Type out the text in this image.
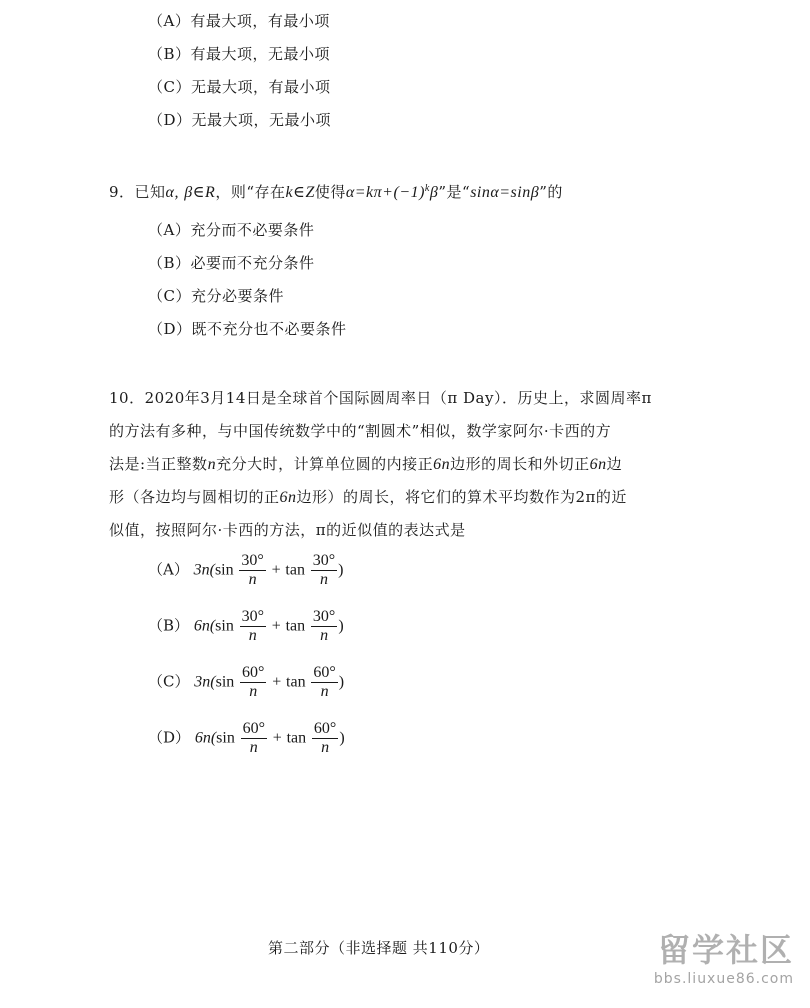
（A）有最大项，有最小项
（B）有最大项，无最小项
（C）无最大项，有最小项
（D）无最大项，无最小项
9．已知α, β∈R，则“存在k∈Z使得$\alpha=k\pi+(-1)^k\beta$”是“sinα=sinβ”的
（A）充分而不必要条件
（B）必要而不充分条件
（C）充分必要条件
（D）既不充分也不必要条件
10．2020年3月14日是全球首个国际圆周率日（π Day）．历史上，求圆周率π
的方法有多种，与中国传统数学中的“割圆术”相似，数学家阿尔·卡西的方
法是:当正整数n充分大时，计算单位圆的内接正6n边形的周长和外切正6n边
形（各边均与圆相切的正6n边形）的周长，将它们的算术平均数作为2π的近
似值，按照阿尔·卡西的方法，π的近似值的表达式是
（A） $3n(\sin \frac{30^\circ}{n} + \tan \frac{30^\circ}{n}$ )
（B） $6n(\sin \frac{30^\circ}{n} + \tan \frac{30^\circ}{n}$ )
（C） $3n(\sin \frac{60^\circ}{n} + \tan \frac{60^\circ}{n}$ )
（D） $6n(\sin \frac{60^\circ}{n} + \tan \frac{60^\circ}{n}$ )
第二部分（非选择题 共110分）	留学社区
bbs.liuxue86.com
